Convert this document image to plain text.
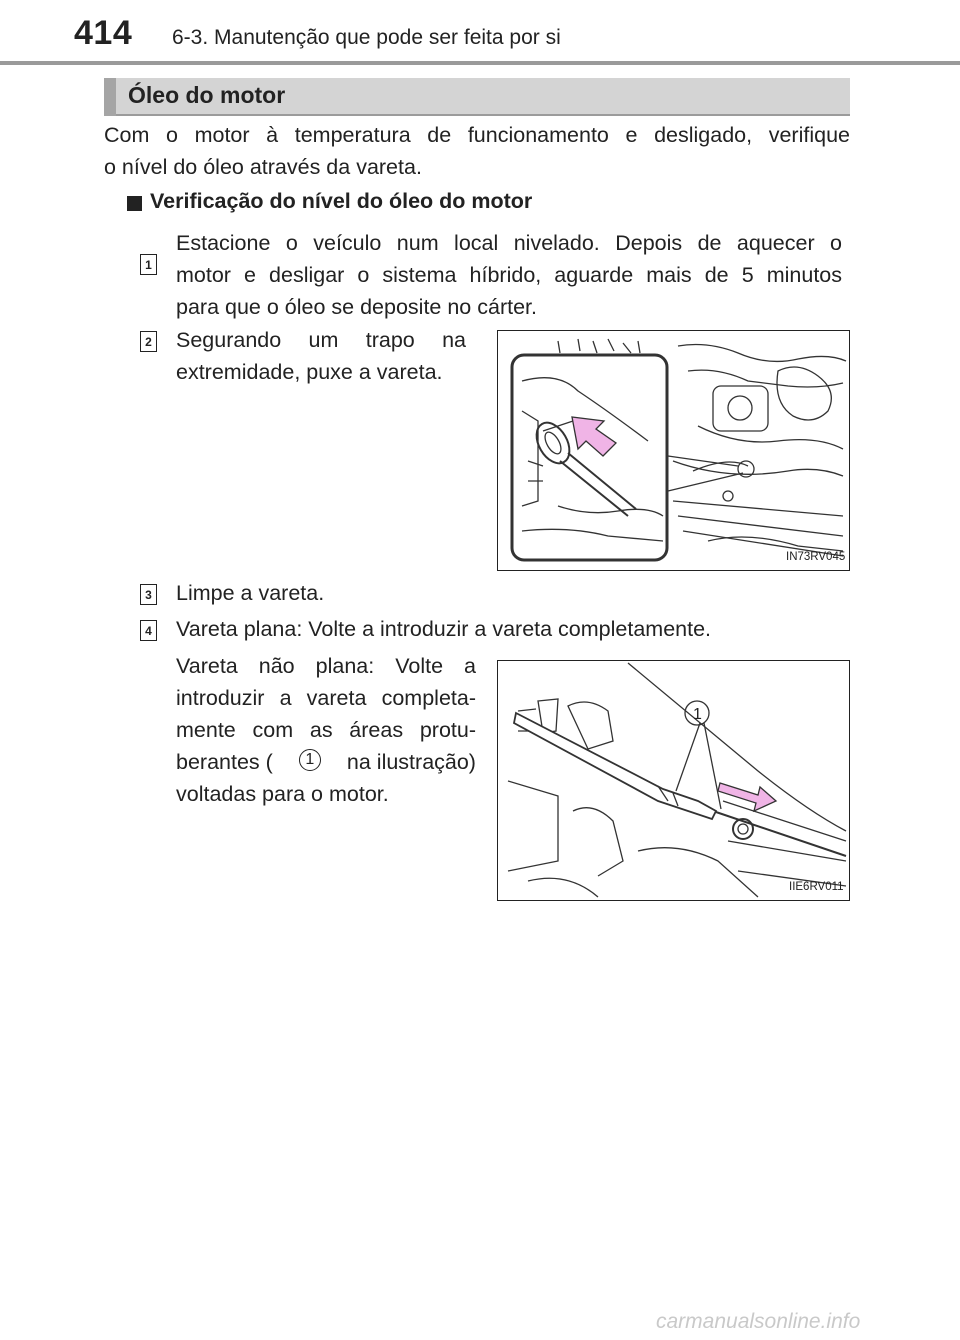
414 6-3. Manutenção que pode ser feita por si
Óleo do motor
Com o motor à temperatura de funcionamento e desligado, verifique
o nível do óleo através da vareta.
Verificação do nível do óleo do motor
1
Estacione o veículo num local nivelado. Depois de aquecer o
motor e desligar o sistema híbrido, aguarde mais de 5 minutos
para que o óleo se deposite no cárter.
2 Segurando um trapo na
extremidade, puxe a vareta.
IN73RV045
3 Limpe a vareta.
4 Vareta plana: Volte a introduzir a vareta completamente.
Vareta não plana: Volte a
introduzir a vareta completa-
mente com as áreas protu-
berantes (	1	na ilustração)
voltadas para o motor.
1
IIE6RV011
carmanualsonline.info
